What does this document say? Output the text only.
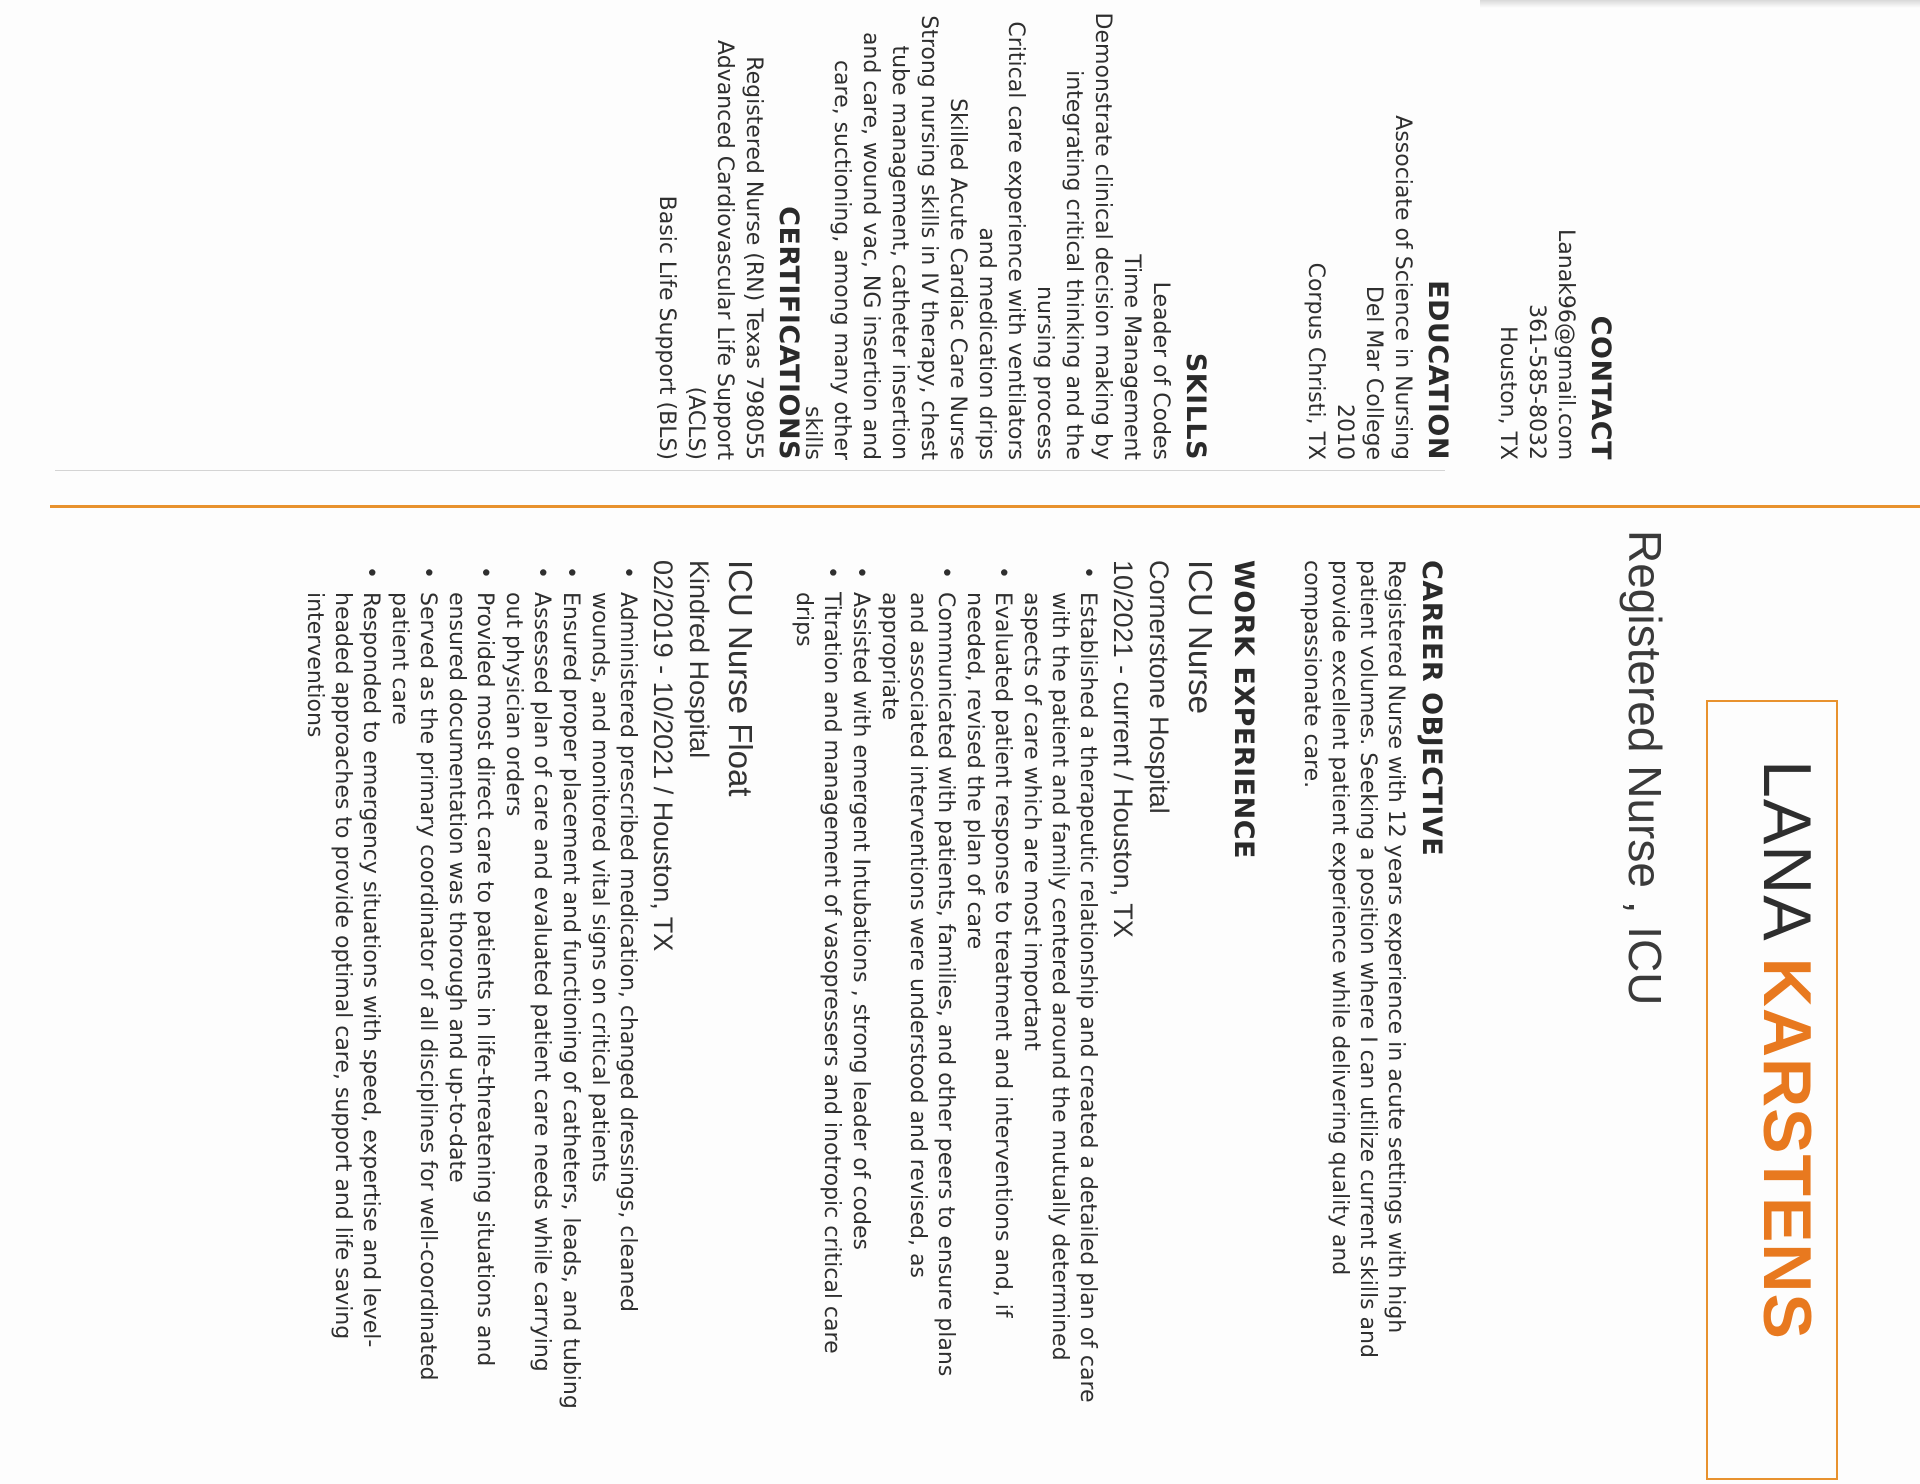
LANA KARSTENS

Registered Nurse , ICU

CONTACT

Lanak96@gmail.com

361-585-8032

Houston, TX

EDUCATION

Associate of Science in Nursing

Del Mar College

2010

Corpus Christi, TX

SKILLS

Leader of Codes

Time Management

Demonstrate clinical decision making by integrating critical thinking and the nursing process

Critical care experience with ventilators and medication drips

Skilled Acute Cardiac Care Nurse

Strong nursing skills in IV therapy, chest tube management, catheter insertion and care, wound vac, NG insertion and care, suctioning, among many other skills

CERTIFICATIONS

Registered Nurse (RN) Texas 798055

Advanced Cardiovascular Life Support (ACLS)

Basic Life Support (BLS)

CAREER OBJECTIVE

Registered Nurse with 12 years experience in acute settings with high patient volumes. Seeking a position where I can utilize current skills and provide excellent patient experience while delivering quality and compassionate care.

WORK EXPERIENCE

ICU Nurse

Cornerstone Hospital

10/2021 - current / Houston, TX

•
Established a therapeutic relationship and created a detailed plan of care with the patient and family centered around the mutually determined aspects of care which are most important
•
Evaluated patient response to treatment and interventions and, if needed, revised the plan of care
•
Communicated with patients, families, and other peers to ensure plans and associated interventions were understood and revised, as appropriate
•
Assisted with emergent Intubations , strong leader of codes
•
Titration and management of vasopressers and inotropic critical care drips

ICU Nurse Float

Kindred Hospital

02/2019 - 10/2021 / Houston, TX

•
Administered prescribed medication, changed dressings, cleaned wounds, and monitored vital signs on critical patients
•
Ensured proper placement and functioning of catheters, leads, and tubing
•
Assessed plan of care and evaluated patient care needs while carrying out physician orders
•
Provided most direct care to patients in life-threatening situations and ensured documentation was thorough and up-to-date
•
Served as the primary coordinator of all disciplines for well-coordinated patient care
•
Responded to emergency situations with speed, expertise and level-headed approaches to provide optimal care, support and life saving interventions
